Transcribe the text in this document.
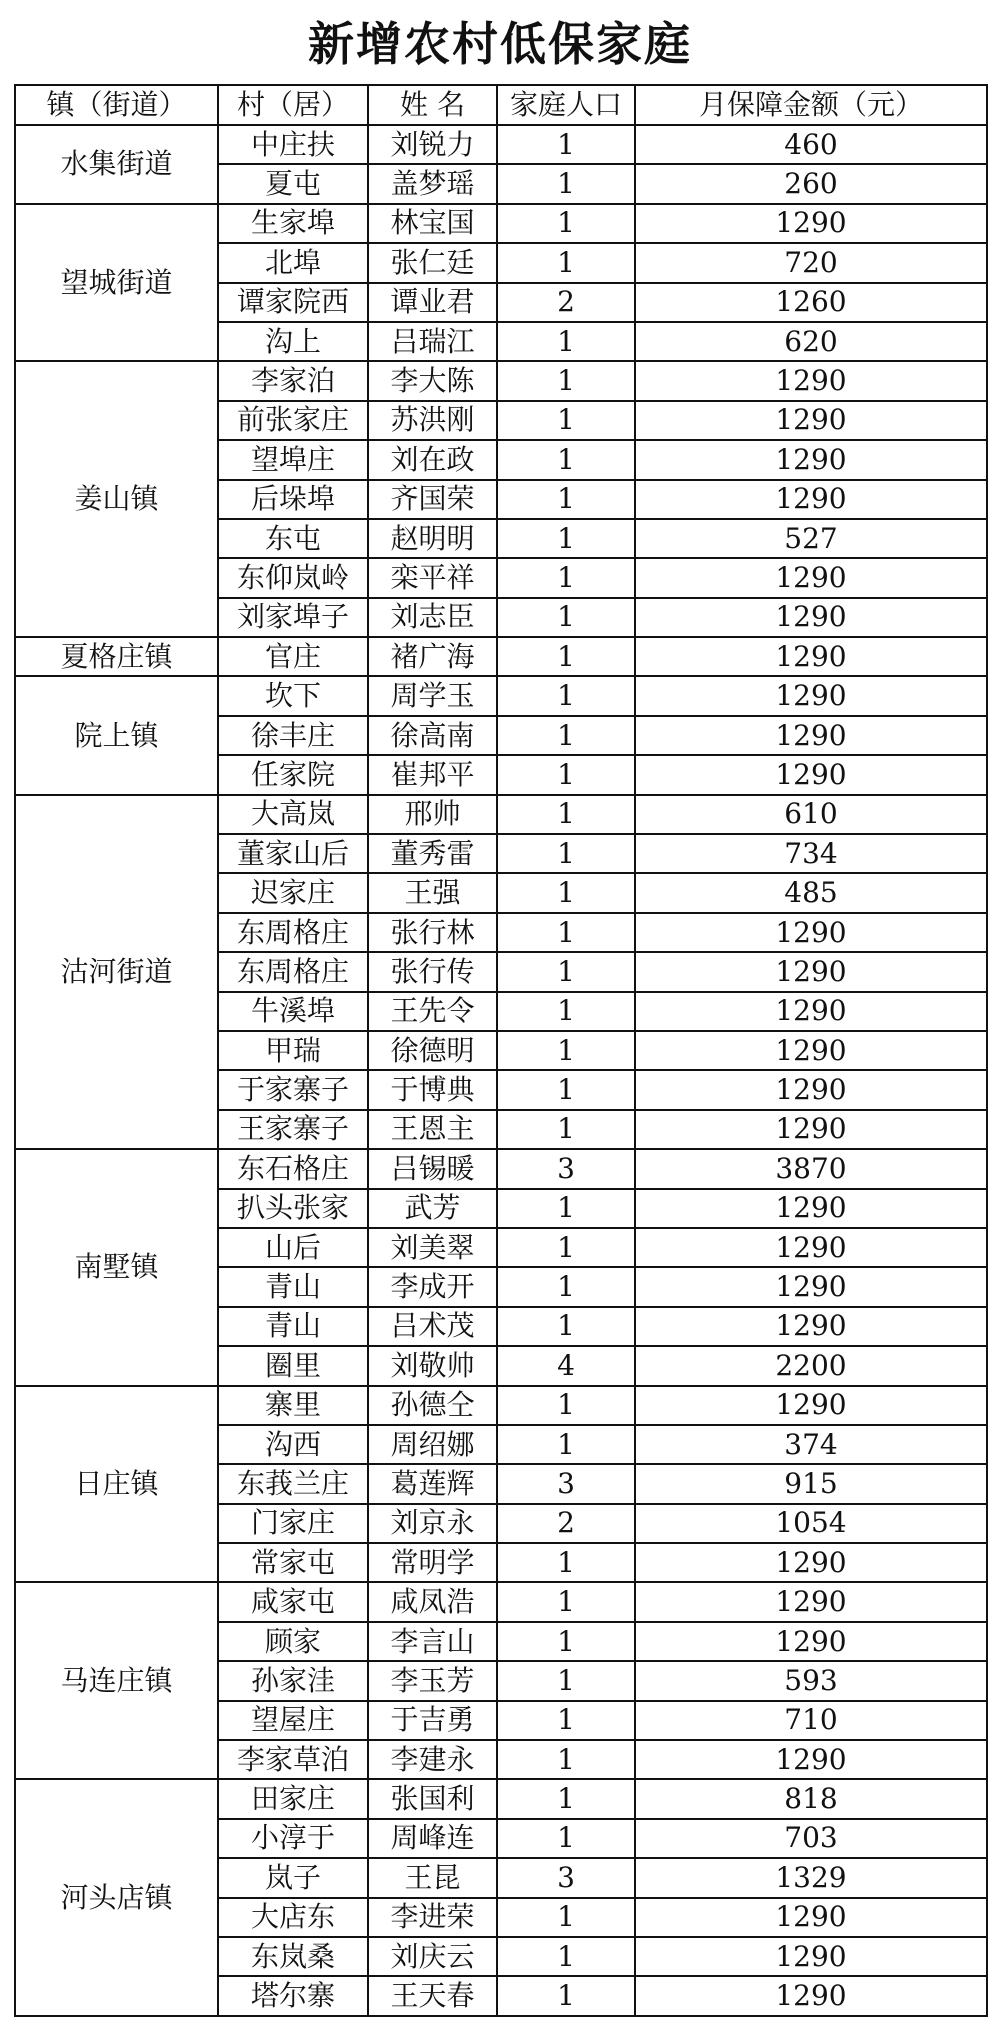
新增农村低保家庭
镇（街道）	村（居）	姓 名	家庭人口	月保障金额（元）
水集街道	中庄扶	刘锐力	1	460
	夏屯	盖梦瑶	1	260
望城街道	生家埠	林宝国	1	1290
	北埠	张仁廷	1	720
	谭家院西	谭业君	2	1260
	沟上	吕瑞江	1	620
姜山镇	李家泊	李大陈	1	1290
	前张家庄	苏洪刚	1	1290
	望埠庄	刘在政	1	1290
	后垛埠	齐国荣	1	1290
	东屯	赵明明	1	527
	东仰岚岭	栾平祥	1	1290
	刘家埠子	刘志臣	1	1290
夏格庄镇	官庄	褚广海	1	1290
院上镇	坎下	周学玉	1	1290
	徐丰庄	徐高南	1	1290
	任家院	崔邦平	1	1290
沽河街道	大高岚	邢帅	1	610
	董家山后	董秀雷	1	734
	迟家庄	王强	1	485
	东周格庄	张行林	1	1290
	东周格庄	张行传	1	1290
	牛溪埠	王先令	1	1290
	甲瑞	徐德明	1	1290
	于家寨子	于博典	1	1290
	王家寨子	王恩主	1	1290
南墅镇	东石格庄	吕锡暖	3	3870
	扒头张家	武芳	1	1290
	山后	刘美翠	1	1290
	青山	李成开	1	1290
	青山	吕术茂	1	1290
	圈里	刘敬帅	4	2200
日庄镇	寨里	孙德仝	1	1290
	沟西	周绍娜	1	374
	东莪兰庄	葛莲辉	3	915
	门家庄	刘京永	2	1054
	常家屯	常明学	1	1290
马连庄镇	咸家屯	咸凤浩	1	1290
	顾家	李言山	1	1290
	孙家洼	李玉芳	1	593
	望屋庄	于吉勇	1	710
	李家草泊	李建永	1	1290
河头店镇	田家庄	张国利	1	818
	小淳于	周峰连	1	703
	岚子	王昆	3	1329
	大店东	李进荣	1	1290
	东岚桑	刘庆云	1	1290
	塔尔寨	王天春	1	1290
